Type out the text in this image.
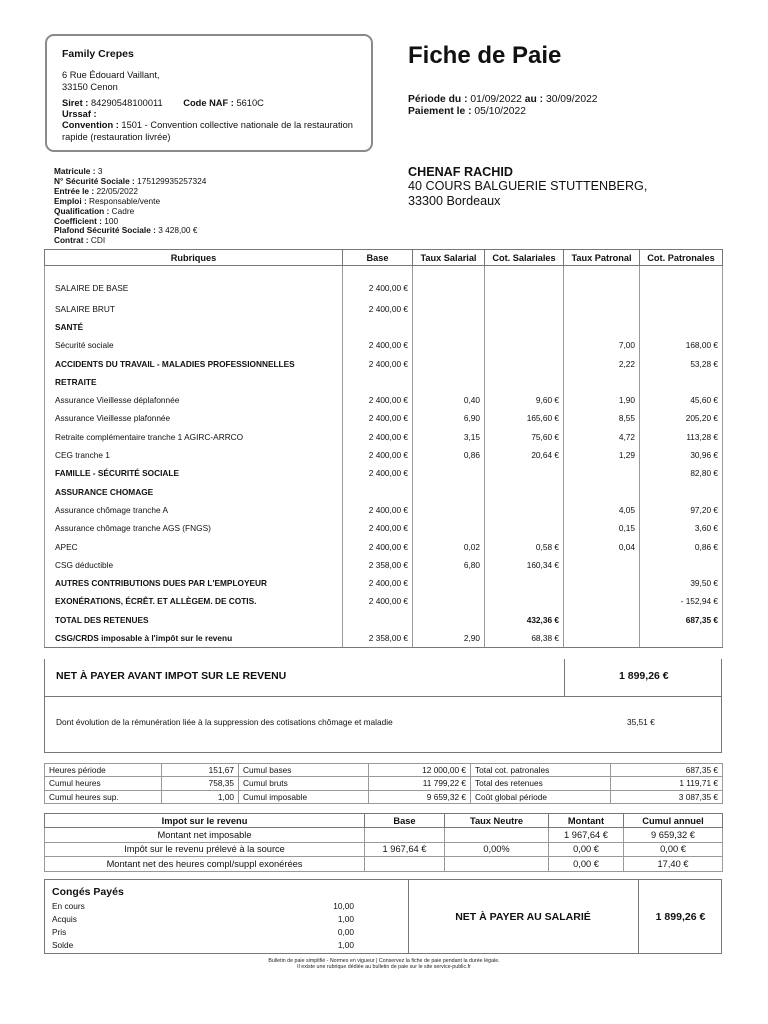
Family Crepes
6 Rue Édouard Vaillant,
33150 Cenon
Siret : 84290548100011 Code NAF : 5610C
Urssaf :
Convention : 1501 - Convention collective nationale de la restauration rapide (restauration livrée)
Fiche de Paie
Période du : 01/09/2022 au : 30/09/2022
Paiement le : 05/10/2022
Matricule : 3
N° Sécurité Sociale : 175129935257324
Entrée le : 22/05/2022
Emploi : Responsable/vente
Qualification : Cadre
Coefficient : 100
Plafond Sécurité Sociale : 3 428,00 €
Contrat : CDI
CHENAF RACHID
40 COURS BALGUERIE STUTTENBERG,
33300 Bordeaux
Rubriques	Base	Taux Salarial	Cot. Salariales	Taux Patronal	Cot. Patronales
SALAIRE DE BASE	2 400,00 €				
SALAIRE BRUT	2 400,00 €				
SANTÉ					
Sécurité sociale	2 400,00 €			7,00	168,00 €
ACCIDENTS DU TRAVAIL - MALADIES PROFESSIONNELLES	2 400,00 €			2,22	53,28 €
RETRAITE					
Assurance Vieillesse déplafonnée	2 400,00 €	0,40	9,60 €	1,90	45,60 €
Assurance Vieillesse plafonnée	2 400,00 €	6,90	165,60 €	8,55	205,20 €
Retraite complémentaire tranche 1 AGIRC-ARRCO	2 400,00 €	3,15	75,60 €	4,72	113,28 €
CEG tranche 1	2 400,00 €	0,86	20,64 €	1,29	30,96 €
FAMILLE - SÉCURITÉ SOCIALE	2 400,00 €				82,80 €
ASSURANCE CHOMAGE					
Assurance chômage tranche A	2 400,00 €			4,05	97,20 €
Assurance chômage tranche AGS (FNGS)	2 400,00 €			0,15	3,60 €
APEC	2 400,00 €	0,02	0,58 €	0,04	0,86 €
CSG déductible	2 358,00 €	6,80	160,34 €		
AUTRES CONTRIBUTIONS DUES PAR L'EMPLOYEUR	2 400,00 €				39,50 €
EXONÉRATIONS, ÉCRÊT. ET ALLÈGEM. DE COTIS.	2 400,00 €				- 152,94 €
TOTAL DES RETENUES			432,36 €		687,35 €
CSG/CRDS imposable à l'impôt sur le revenu	2 358,00 €	2,90	68,38 €		
NET À PAYER AVANT IMPOT SUR LE REVENU	1 899,26 €
Dont évolution de la rémunération liée à la suppression des cotisations chômage et maladie	35,51 €
Heures période	151,67	Cumul bases	12 000,00 €	Total cot. patronales	687,35 €
Cumul heures	758,35	Cumul bruts	11 799,22 €	Total des retenues	1 119,71 €
Cumul heures sup.	1,00	Cumul imposable	9 659,32 €	Coût global période	3 087,35 €
Impot sur le revenu	Base	Taux Neutre	Montant	Cumul annuel
Montant net imposable			1 967,64 €	9 659,32 €
Impôt sur le revenu prélevé à la source	1 967,64 €	0,00%	0,00 €	0,00 €
Montant net des heures compl/suppl exonérées			0,00 €	17,40 €
Congés Payés
En cours	10,00
Acquis	1,00
Pris	0,00
Solde	1,00
NET À PAYER AU SALARIÉ	1 899,26 €
Bulletin de paie simplifié - Normes en vigueur | Conservez la fiche de paie pendant la durée légale.
Il existe une rubrique dédiée au bulletin de paie sur le site service-public.fr
